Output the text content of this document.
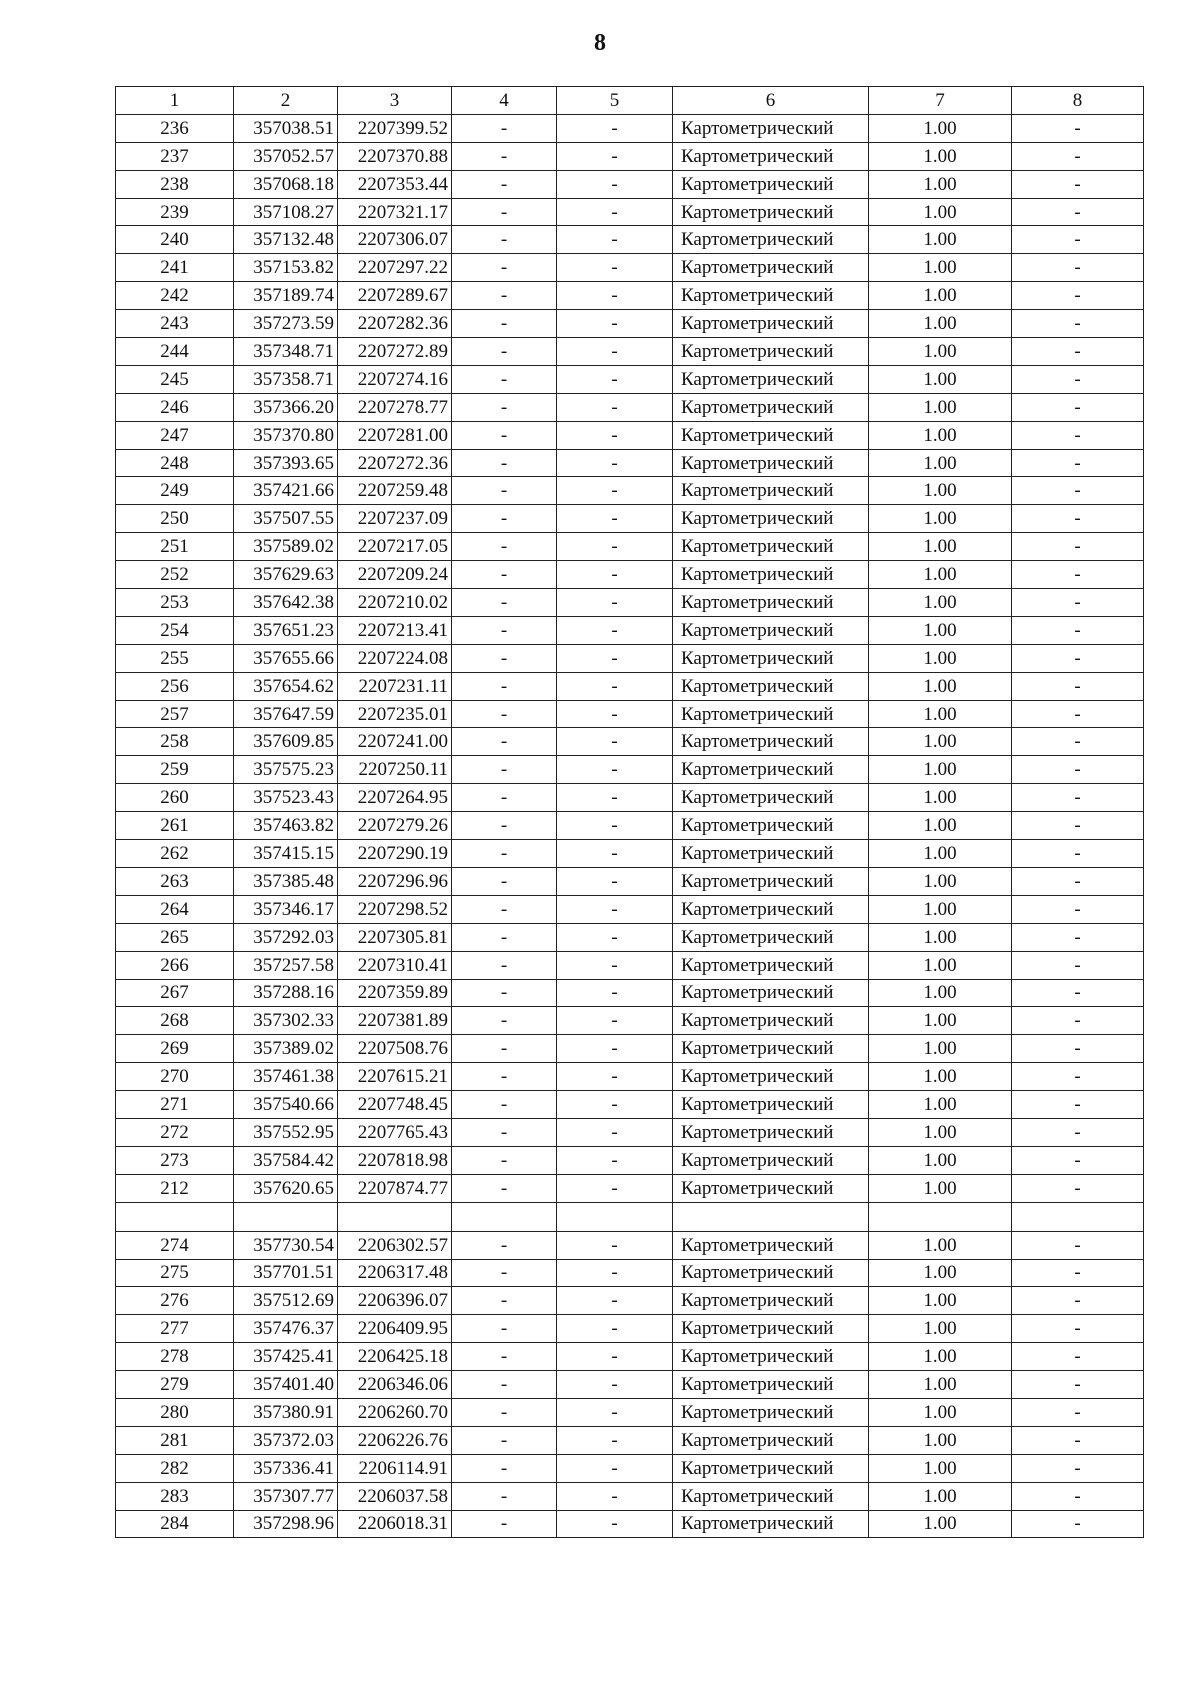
8
1	2	3	4	5	6	7	8
236	357038.51	2207399.52	-	-	Картометрический	1.00	-
237	357052.57	2207370.88	-	-	Картометрический	1.00	-
238	357068.18	2207353.44	-	-	Картометрический	1.00	-
239	357108.27	2207321.17	-	-	Картометрический	1.00	-
240	357132.48	2207306.07	-	-	Картометрический	1.00	-
241	357153.82	2207297.22	-	-	Картометрический	1.00	-
242	357189.74	2207289.67	-	-	Картометрический	1.00	-
243	357273.59	2207282.36	-	-	Картометрический	1.00	-
244	357348.71	2207272.89	-	-	Картометрический	1.00	-
245	357358.71	2207274.16	-	-	Картометрический	1.00	-
246	357366.20	2207278.77	-	-	Картометрический	1.00	-
247	357370.80	2207281.00	-	-	Картометрический	1.00	-
248	357393.65	2207272.36	-	-	Картометрический	1.00	-
249	357421.66	2207259.48	-	-	Картометрический	1.00	-
250	357507.55	2207237.09	-	-	Картометрический	1.00	-
251	357589.02	2207217.05	-	-	Картометрический	1.00	-
252	357629.63	2207209.24	-	-	Картометрический	1.00	-
253	357642.38	2207210.02	-	-	Картометрический	1.00	-
254	357651.23	2207213.41	-	-	Картометрический	1.00	-
255	357655.66	2207224.08	-	-	Картометрический	1.00	-
256	357654.62	2207231.11	-	-	Картометрический	1.00	-
257	357647.59	2207235.01	-	-	Картометрический	1.00	-
258	357609.85	2207241.00	-	-	Картометрический	1.00	-
259	357575.23	2207250.11	-	-	Картометрический	1.00	-
260	357523.43	2207264.95	-	-	Картометрический	1.00	-
261	357463.82	2207279.26	-	-	Картометрический	1.00	-
262	357415.15	2207290.19	-	-	Картометрический	1.00	-
263	357385.48	2207296.96	-	-	Картометрический	1.00	-
264	357346.17	2207298.52	-	-	Картометрический	1.00	-
265	357292.03	2207305.81	-	-	Картометрический	1.00	-
266	357257.58	2207310.41	-	-	Картометрический	1.00	-
267	357288.16	2207359.89	-	-	Картометрический	1.00	-
268	357302.33	2207381.89	-	-	Картометрический	1.00	-
269	357389.02	2207508.76	-	-	Картометрический	1.00	-
270	357461.38	2207615.21	-	-	Картометрический	1.00	-
271	357540.66	2207748.45	-	-	Картометрический	1.00	-
272	357552.95	2207765.43	-	-	Картометрический	1.00	-
273	357584.42	2207818.98	-	-	Картометрический	1.00	-
212	357620.65	2207874.77	-	-	Картометрический	1.00	-

274	357730.54	2206302.57	-	-	Картометрический	1.00	-
275	357701.51	2206317.48	-	-	Картометрический	1.00	-
276	357512.69	2206396.07	-	-	Картометрический	1.00	-
277	357476.37	2206409.95	-	-	Картометрический	1.00	-
278	357425.41	2206425.18	-	-	Картометрический	1.00	-
279	357401.40	2206346.06	-	-	Картометрический	1.00	-
280	357380.91	2206260.70	-	-	Картометрический	1.00	-
281	357372.03	2206226.76	-	-	Картометрический	1.00	-
282	357336.41	2206114.91	-	-	Картометрический	1.00	-
283	357307.77	2206037.58	-	-	Картометрический	1.00	-
284	357298.96	2206018.31	-	-	Картометрический	1.00	-
